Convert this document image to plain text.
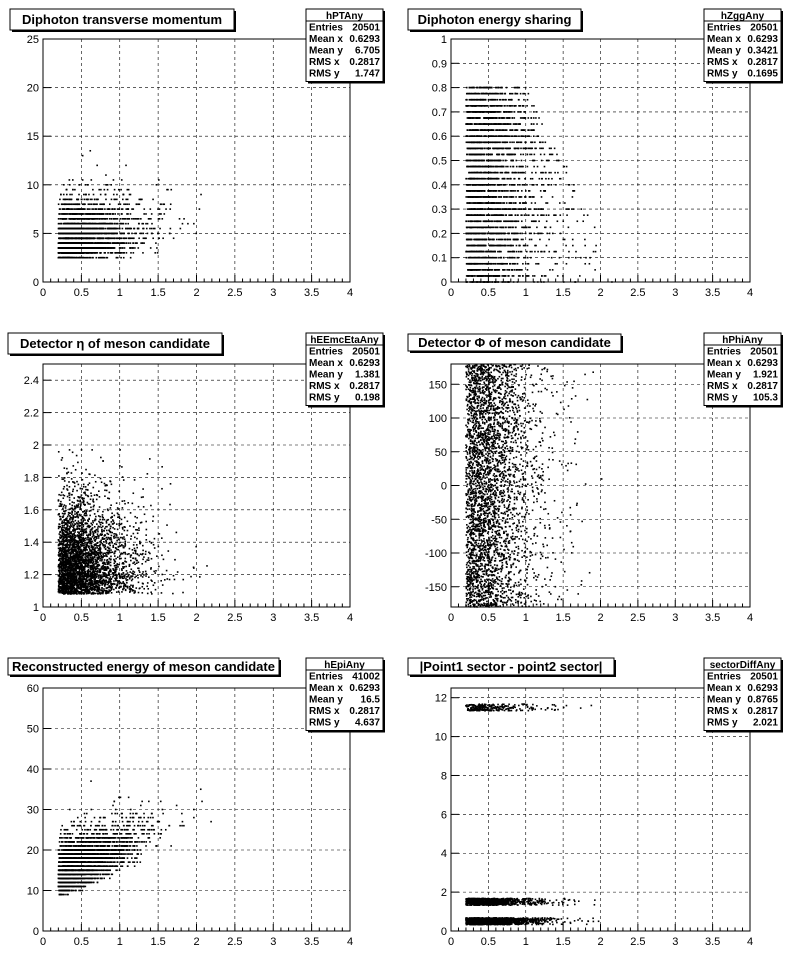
0	0.5	1	1.5	2	2.5	3	3.5	4
0
5
10
15
20
25
Diphoton transverse momentum	hPTAny
Entries 20501
Mean x 0.6293
Mean y 6.705
RMS x 0.2817
RMS y 1.747
0 0.5 1 1.5 2 2.5 3 3.5 4
0
0.1
0.2
0.3
0.4
0.5
0.6
0.7
0.8
0.9
1
Diphoton energy sharing	hZggAny
Entries 20501
Mean x 0.6293
Mean y 0.3421
RMS x 0.2817
RMS y 0.1695
0	0.5	1	1.5	2	2.5	3	3.5	4
1
1.2
1.4
1.6
1.8
2
2.2
2.4
Detector η of meson candidate	hEEmcEtaAny
Entries 20501
Mean x 0.6293
Mean y 1.381
RMS x 0.2817
RMS y 0.198
0 0.5 1 1.5 2 2.5 3 3.5 4
-150
-100
-50
0
50
100
150
Detector Φ of meson candidate	hPhiAny
Entries 20501
Mean x 0.6293
Mean y 1.921
RMS x 0.2817
RMS y 105.3
0	0.5	1	1.5	2	2.5	3	3.5	4
0
10
20
30
40
50
60
Reconstructed energy of meson candidate	hEpiAny
Entries 41002
Mean x 0.6293
Mean y 16.5
RMS x 0.2817
RMS y 4.637
0 0.5 1 1.5 2 2.5 3 3.5 4
0
2
4
6
8
10
12
|Point1 sector - point2 sector|	sectorDiffAny
Entries 20501
Mean x 0.6293
Mean y 0.8765
RMS x 0.2817
RMS y 2.021
